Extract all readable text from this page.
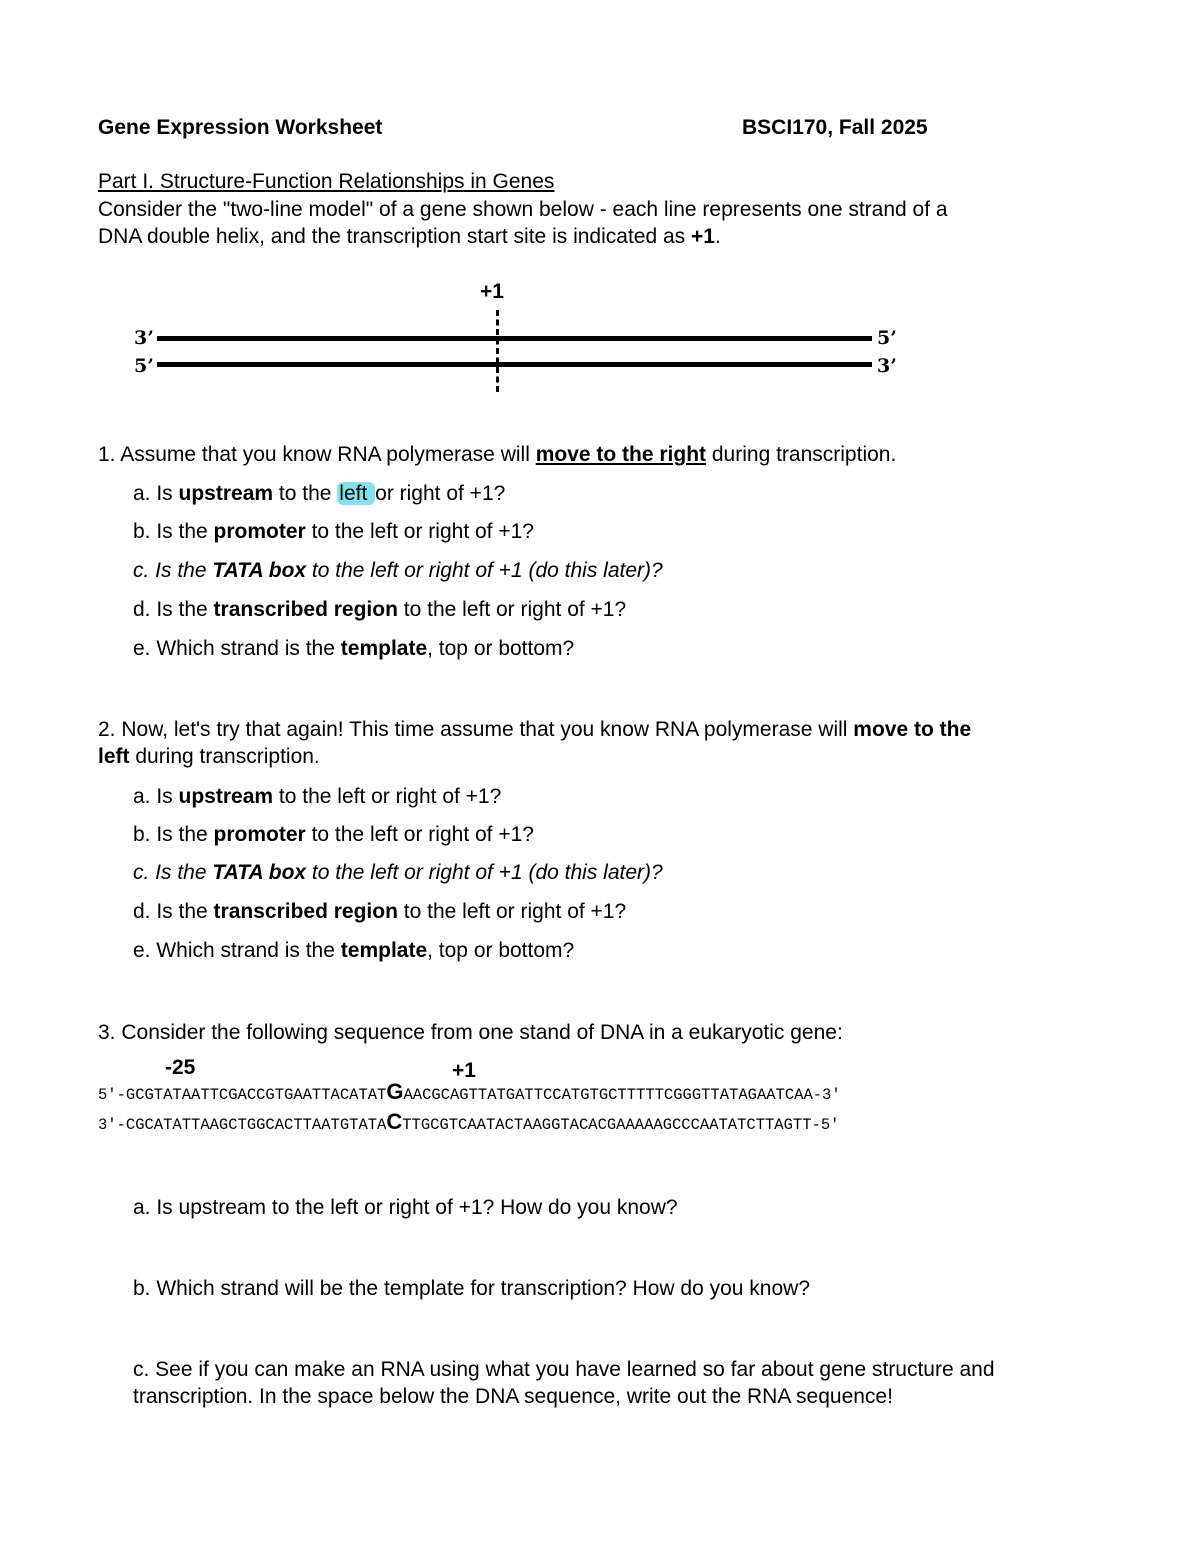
Gene Expression Worksheet	BSCI170, Fall 2025
Part I. Structure-Function Relationships in Genes
Consider the "two-line model" of a gene shown below - each line represents one strand of a
DNA double helix, and the transcription start site is indicated as +1.
+1
3’	5’
5’	3’
1. Assume that you know RNA polymerase will move to the right during transcription.
a. Is upstream to the left or right of +1?
b. Is the promoter to the left or right of +1?
c. Is the TATA box to the left or right of +1 (do this later)?
d. Is the transcribed region to the left or right of +1?
e. Which strand is the template, top or bottom?
2. Now, let's try that again! This time assume that you know RNA polymerase will move to the
left during transcription.
a. Is upstream to the left or right of +1?
b. Is the promoter to the left or right of +1?
c. Is the TATA box to the left or right of +1 (do this later)?
d. Is the transcribed region to the left or right of +1?
e. Which strand is the template, top or bottom?
3. Consider the following sequence from one stand of DNA in a eukaryotic gene:
-25	+1
5'-GCGTATAATTCGACCGTGAATTACATATGAACGCAGTTATGATTCCATGTGCTTTTTCGGGTTATAGAATCAA-3'
3'-CGCATATTAAGCTGGCACTTAATGTATACTTGCGTCAATACTAAGGTACACGAAAAAGCCCAATATCTTAGTT-5'
a. Is upstream to the left or right of +1? How do you know?
b. Which strand will be the template for transcription? How do you know?
c. See if you can make an RNA using what you have learned so far about gene structure and
transcription. In the space below the DNA sequence, write out the RNA sequence!
